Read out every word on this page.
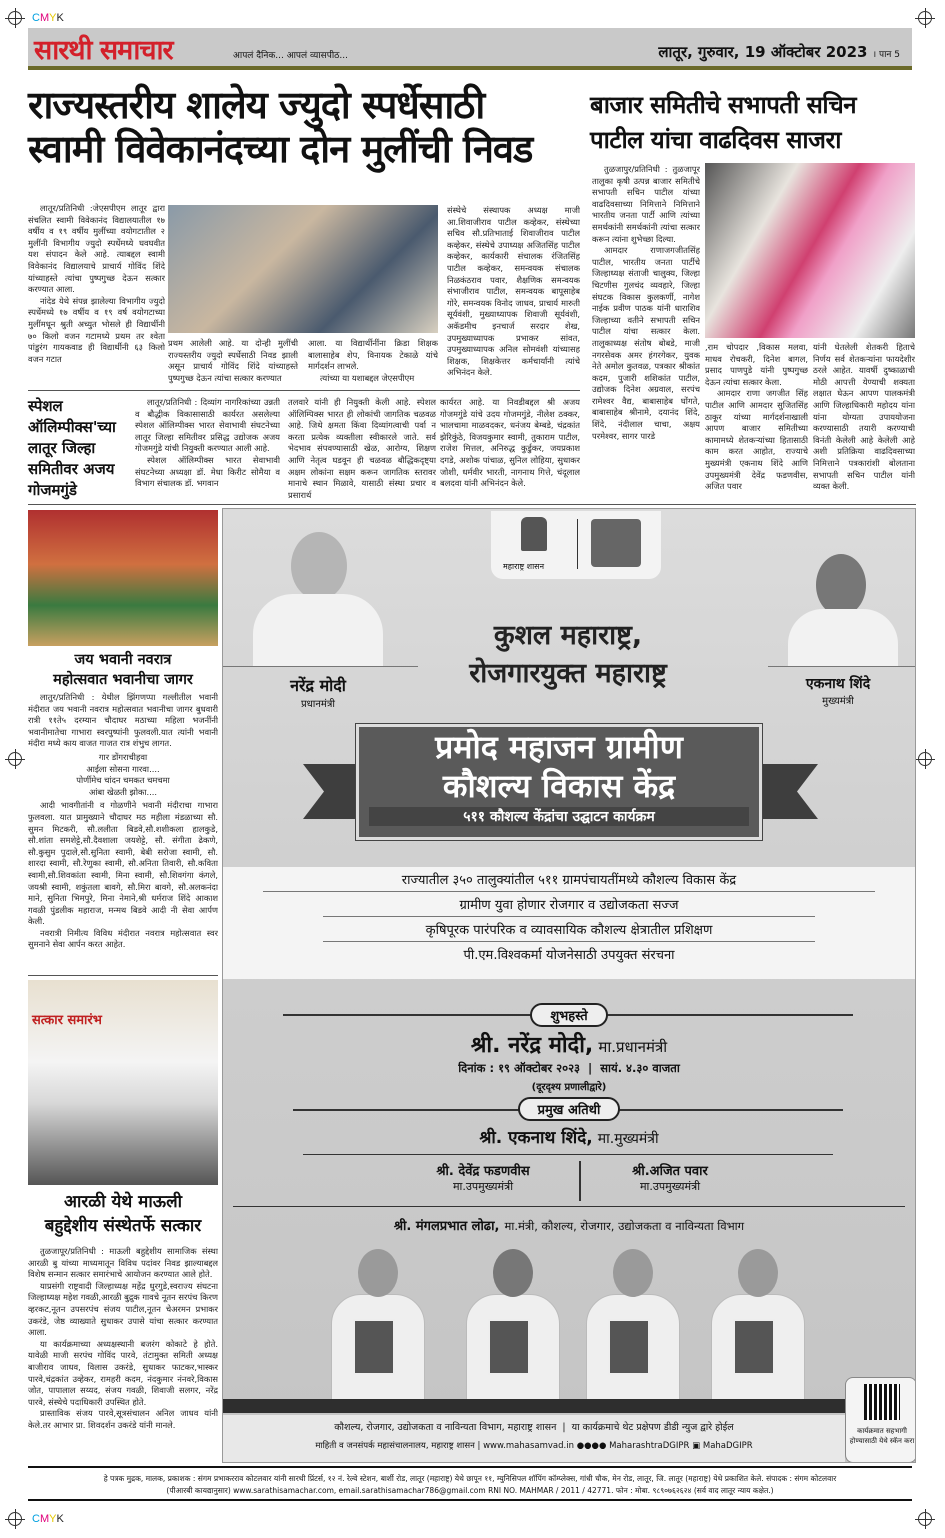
CMYK
CMYK
सारथी समाचार	आपलं दैनिक... आपलं व्यासपीठ...	लातूर, गुरुवार, 19 ऑक्टोबर 2023 । पान 5
राज्यस्तरीय शालेय ज्युदो स्पर्धेसाठी
स्वामी विवेकानंदच्या दोन मुलींची निवड

लातूर/प्रतिनिधी :जेएसपीएम लातूर द्वारा संचलित स्वामी विवेकानंद विद्यालयातील १७ वर्षीय व १९ वर्षीय मुलींच्या वयोगटातील २ मुलींनी विभागीय ज्युदो स्पर्धेमध्ये घवघवीत यश संपादन केले आहे. त्याबद्दल स्वामी विवेकानंद विद्यालयाचे प्राचार्य गोविंद शिंदे यांच्याहस्ते त्यांचा पुष्पगुच्छ देऊन सत्कार करण्यात आला.

नांदेड येथे संपन्न झालेल्या विभागीय ज्युदो स्पर्धेमध्ये १७ वर्षीय व १९ वर्ष वयोगटाच्या मुलींमधून श्रुती अच्युत भोसले ही विद्यार्थीनी ७० किलो वजन गटामध्ये प्रथम तर श्वेता पांडुरंग गायकवाड ही विद्यार्थीनी ६३ किलो वजन गटात

प्रथम आलेली आहे. या दोन्ही मुलींची राज्यस्तरीय ज्युदो स्पर्धेसाठी निवड झाली असून प्राचार्य गोविंद शिंदे यांच्याहस्ते पुष्पगुच्छ देऊन त्यांचा सत्कार करण्यात

आला. या विद्यार्थीनींना क्रिडा शिक्षक बालासाहेब शेप, विनायक टेकाळे यांचे मार्गदर्शन लाभले.

त्यांच्या या यशाबद्दल जेएसपीएम

संस्थेचे संस्थापक अध्यक्ष माजी आ.शिवाजीराव पाटील कव्हेकर, संस्थेच्या सचिव सौ.प्रतिभाताई शिवाजीराव पाटील कव्हेकर, संस्थेचे उपाध्यक्ष अजितसिंह पाटील कव्हेकर, कार्यकारी संचालक रंजितसिंह पाटील कव्हेकर, समन्वयक संचालक निळकंठराव पवार, शैक्षणिक समन्वयक संभाजीराव पाटील, समन्वयक बापूसाहेब गोरे, समन्वयक विनोद जाधव, प्राचार्य मारुती सूर्यवंशी, मुख्याध्यापक शिवाजी सूर्यवंशी, अकॅडमीच इनचार्ज सरदार शेख, उपमुख्याध्यापक प्रभाकर सांवत, उपमुख्याध्यापक अनिल सोमवंशी यांच्यासह शिक्षक, शिक्षकेत्तर कर्मचार्यांनी त्यांचे अभिनंदन केले.
स्पेशल ऑलिम्पीक्स'च्या लातूर जिल्हा समितीवर अजय गोजमगुंडे

लातूर/प्रतिनिधी : दिव्यांग नागरिकांच्या उन्नती व बौद्धीक विकासासाठी कार्यरत असलेल्या स्पेशल ऑलिम्पीक्स भारत सेवाभावी संघटनेच्या लातूर जिल्हा समितीवर प्रसिद्ध उद्योजक अजय गोजमगुंडे यांची नियुक्ती करण्यात आली आहे.

स्पेशल ऑलिम्पीक्स भारत सेवाभावी संघटनेच्या अध्यक्षा डॉ. मेधा किरीट सोमैया व विभाग संचालक डॉ. भगवान

तलवारे यांनी ही नियुक्ती केली आहे. स्पेशल ऑलिम्पिक्स भारत ही लोकांची जागतिक चळवळ आहे. जिथे क्षमता किंवा दिव्यांगत्वाची पर्वा न करता प्रत्येक व्यक्तीला स्वीकारले जाते. सर्व भेदभाव संपवण्यासाठी खेळ, आरोग्य, शिक्षण आणि नेतृत्व घडवून ही चळवळ बौद्धिकदृष्ट्या अक्षम लोकांना सक्षम करून जागतिक स्तरावर मानाचे स्थान मिळावे, यासाठी संस्था प्रचार व प्रसारार्थ
कार्यरत आहे. या निवडीबद्दल श्री अजय गोजमगुंडे यांचे उदय गोजमगुंडे, नीलेश ठक्कर, भालचामा माळवदकर, धनंजय बेम्बडे, चंद्रकांत झेरिकुंठे, विजयकुमार स्वामी, तुकाराम पाटील, राजेश मित्तल, अनिरुद्ध कुर्डुकर, जयप्रकाश दगडे, अशोक पांचाळ, सुनिल लोहिया, सुधाकर जोशी, धर्मवीर भारती, नागनाथ गित्ते, चंदूलाल बलदवा यांनी अभिनंदन केले.
बाजार समितीचे सभापती सचिन
पाटील यांचा वाढदिवस साजरा

तुळजापुर/प्रतिनिधी : तुळजापूर तालुका कृषी उत्पन्न बाजार समितीचे सभापती सचिन पाटील यांच्या वाढदिवसाच्या निमित्ताने निमित्ताने भारतीय जनता पार्टी आणि त्यांच्या समर्थकांनी समर्थकांनी त्यांचा सत्कार करून त्यांना शुभेच्छा दिल्या.

आमदार राणाजगजीतसिंह पाटील, भारतीय जनता पार्टीचे जिल्हाध्यक्ष संताजी चालुक्य, जिल्हा चिटणीस गुलचंद व्यवहारे, जिल्हा संघटक विकास कुलकर्णी, नागेश नाईक प्रवीण पाठक यांनी धाराशिव जिल्हाच्या वतीने सभापती सचिन पाटील यांचा सत्कार केला. तालुकाध्यक्ष संतोष बोबडे, माजी नगरसेवक अमर हंगरगेकर, युवक नेते अमोल कुतवळ, पत्रकार श्रीकांत कदम, पुजारी शशिकांत पाटील, उद्योजक दिनेश अग्रवाल, सरपंच रामेश्वर वैद्य, बाबासाहेब घोंगते, बाबासाहेब श्रीनामे, दयानंद शिंदे, शिंदे, नंदीलाल चाचा, अक्षय परमेश्वर, सागर पारडे

,राम चोपदार ,विकास मलवा, माधव रोचकरी, दिनेश बागल, प्रसाद पाणपुडे यांनी पुष्पगुच्छ देऊन त्यांचा सत्कार केला.

आमदार राणा जगजीत सिंह पाटील आणि आमदार सुजितसिंह ठाकूर यांच्या मार्गदर्शनाखाली आपण बाजार समितीच्या कामामध्ये शेतकऱ्यांच्या हितासाठी काम करत आहोत, राज्याचे मुख्यमंत्री एकनाथ शिंदे आणि उपमुख्यमंत्री देवेंद्र फडणवीस, अजित पवार

यांनी घेतलेली शेतकरी हिताचे निर्णय सर्व शेतकऱ्यांना फायदेशीर ठरले आहेत. यावर्षी दुष्काळाची मोठी आपत्ती येण्याची शक्यता लक्षात घेऊन आपण पालकमंत्री आणि जिल्हाधिकारी महोदय यांना यांना योग्यता उपाययोजना करण्यासाठी तयारी करण्याची विनंती केलेली आहे केलेली आहे अशी प्रतिक्रिया वाढदिवसाच्या निमित्ताने पत्रकारांशी बोलताना सभापती सचिन पाटील यांनी व्यक्त केली.
जय भवानी नवरात्र
महोत्सवात भवानीचा जागर

लातुर/प्रतिनिधी : येथील झिंगणप्पा गल्लीतील भवानी मंदीरात जय भवानी नवरात्र महोत्सवात भवानीचा जागर बुधवारी रात्री ११ते५ दरम्यान चौदाघर मठाच्या महिला भजनींनी भवानीमातेचा गाभारा स्वरपुष्पांनी फुलवली.यात त्यांनी भवानी मंदीरा मध्ये काय वाजत गाजत रात्र शंभुच लागत.

गार डोंगराचीहवा
आईला सोसना गारवा....
पोर्णीमेच चांदन चमकत चमचमा
आंबा खेळती झोका....

आदी भावगीतांनी व गोळणीने भवानी मंदीराचा गाभारा फुलवला. यात प्रामुख्याने चौदाघर मठ महीला मंडळाच्या सौ. सुमन मिटकरी, सौ.ललीता बिडवे,सौ.शशीकला हालकुडे, सौ.शांता समशेट्टे,सौ.दैवशाला जयशेट्टे, सौ. संगीता ढेकणे, सौ.कुसुम पुदाले,सौ.सुनिता स्वामी, बेबी सरोजा स्वामी, सौ. शारदा स्वामी, सौ.रेणुका स्वामी, सौ.अनिता तिवारी, सौ.कविता स्वामी,सौ.शिवकांता स्वामी, मिना स्वामी, सौ.शिवगंगा कंगले, जयश्री स्वामी, शकुंतला बावगे, सौ.मिरा बावगे, सौ.अलकनंदा माने, सुनिता भिमपुरे, मिना नेमाने,श्री धर्मराज शिंदे आकाश गवळी पुंडलीक महाराज, मन्मथ बिडवे आदी नी सेवा आर्पण केली.

नवरात्री निमीत्य विविध मंदीरात नवरात्र महोत्सवात स्वर सुमनाने सेवा आर्पन करत आहेत.

सत्कार समारंभ
आरळी येथे माऊली
बहुद्देशीय संस्थेतर्फे सत्कार

तुळजापूर/प्रतिनिधी : माऊली बहुद्देशीय सामाजिक संस्था आरळी बु यांच्या माध्यमातून विविध पदांवर निवड झाल्याबद्दल विशेष सन्मान सत्कार समारंभाचे आयोजन करण्यात आले होते.

याप्रसंगी राष्ट्रवादी जिल्हाध्यक्ष महेंद्र धुरगुडे,स्वराज्य संघटना जिल्हाध्यक्ष महेश गवळी,आरळी बुद्रुक गावचे नूतन सरपंच किरण व्हरकट,नूतन उपसरपंच संजय पाटील,नूतन चेअरमन प्रभाकर उकरंडे, जेष्ठ व्याख्याते सुधाकर उपासे यांचा सत्कार करण्यात आला.

या कार्यक्रमाच्या अध्यक्षस्थानी बजरंग कोकाटे हे होते. यावेळी माजी सरपंच गोविंद पारवे, तंटामुक्त समिती अध्यक्ष बाजीराव जाधव, विलास उकरंडे, सुधाकर फाटकर,भास्कर पारवे,चंद्रकांत उव्हेकर, रामहरी कदम, नंदकुमार नंनवरे,विकास जोत, पापालाल सय्यद, संजय गवळी, शिवाजी सलगर, नरेंद्र पारवे, संस्थेचे पदाधिकारी उपस्थित होते.

प्रास्ताविक संजय पारवे,सूत्रसंचालन अनिल जाधव यांनी केले.तर आभार प्रा. शिवदर्शन उकरंडे यांनी मानले.

महाराष्ट्र शासन
नरेंद्र मोदी
प्रधानमंत्री
एकनाथ शिंदे
मुख्यमंत्री
कुशल महाराष्ट्र,
रोजगारयुक्त महाराष्ट्र
प्रमोद महाजन ग्रामीण
कौशल्य विकास केंद्र
५११ कौशल्य केंद्रांचा उद्घाटन कार्यक्रम
राज्यातील ३५० तालुक्यांतील ५११ ग्रामपंचायतींमध्ये कौशल्य विकास केंद्र
ग्रामीण युवा होणार रोजगार व उद्योजकता सज्ज
कृषिपूरक पारंपरिक व व्यावसायिक कौशल्य क्षेत्रातील प्रशिक्षण
पी.एम.विश्वकर्मा योजनेसाठी उपयुक्त संरचना
शुभहस्ते
श्री. नरेंद्र मोदी, मा.प्रधानमंत्री
दिनांक : १९ ऑक्टोबर २०२३  |  सायं. ४.३० वाजता
(दूरदृश्य प्रणालीद्वारे)
प्रमुख अतिथी
श्री. एकनाथ शिंदे, मा.मुख्यमंत्री
श्री. देवेंद्र फडणवीस
मा.उपमुख्यमंत्री
श्री.अजित पवार
मा.उपमुख्यमंत्री
श्री. मंगलप्रभात लोढा, मा.मंत्री, कौशल्य, रोजगार, उद्योजकता व नाविन्यता विभाग
कौशल्य, रोजगार, उद्योजकता व नाविन्यता विभाग, महाराष्ट्र शासन  |  या कार्यक्रमाचे थेट प्रक्षेपण डीडी न्युज द्वारे होईल
माहिती व जनसंपर्क महासंचालनालय, महाराष्ट्र शासन | www.mahasamvad.in ●●●● MaharashtraDGIPR ▣ MahaDGIPR
कार्यक्रमात सहभागी होण्यासाठी येथे स्कॅन करा
हे पत्रक मुद्रक, मालक, प्रकाशक : संगम प्रभाकरराव कोटलवार यांनी सारथी प्रिंटर्स, १२ नं. रेल्वे स्टेशन, बार्शी रोड, लातूर (महाराष्ट्र) येथे छापून ११, म्युनिसिपल शॉपिंग कॉम्प्लेक्स, गांधी चौक, मेन रोड, लातूर, जि. लातूर (महाराष्ट्र) येथे प्रकाशित केले. संपादक : संगम कोटलवार
(पीआरबी कायद्यानुसार) www.sarathisamachar.com, email.sarathisamachar786@gmail.com RNI NO. MAHMAR / 2011 / 42771. फोन : मोबा. ९८९०७६२६२४ (सर्व वाद लातूर न्याय कक्षेत.)
